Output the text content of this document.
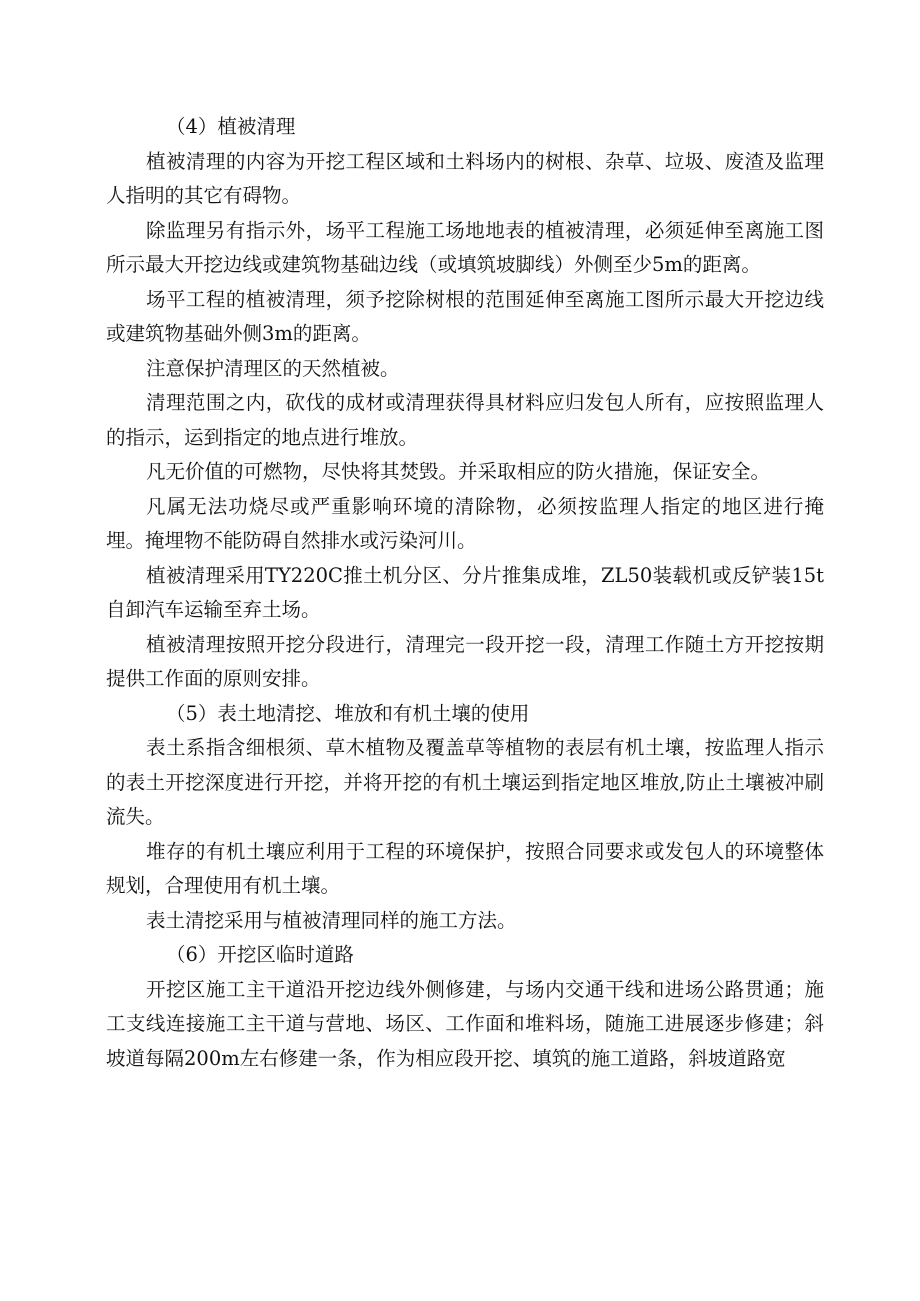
（4）植被清理

植被清理的内容为开挖工程区域和土料场内的树根、杂草、垃圾、废渣及监理人指明的其它有碍物。

除监理另有指示外，场平工程施工场地地表的植被清理，必须延伸至离施工图所示最大开挖边线或建筑物基础边线（或填筑坡脚线）外侧至少5m的距离。

场平工程的植被清理，须予挖除树根的范围延伸至离施工图所示最大开挖边线或建筑物基础外侧3m的距离。

注意保护清理区的天然植被。

清理范围之内，砍伐的成材或清理获得具材料应归发包人所有，应按照监理人的指示，运到指定的地点进行堆放。

凡无价值的可燃物，尽快将其焚毁。并采取相应的防火措施，保证安全。

凡属无法功烧尽或严重影响环境的清除物，必须按监理人指定的地区进行掩埋。掩埋物不能防碍自然排水或污染河川。

植被清理采用TY220C推土机分区、分片推集成堆，ZL50装载机或反铲装15t自卸汽车运输至弃土场。

植被清理按照开挖分段进行，清理完一段开挖一段，清理工作随土方开挖按期提供工作面的原则安排。

（5）表土地清挖、堆放和有机土壤的使用

表土系指含细根须、草木植物及覆盖草等植物的表层有机土壤，按监理人指示的表土开挖深度进行开挖，并将开挖的有机土壤运到指定地区堆放,防止土壤被冲刷流失。

堆存的有机土壤应利用于工程的环境保护，按照合同要求或发包人的环境整体规划，合理使用有机土壤。

表土清挖采用与植被清理同样的施工方法。

（6）开挖区临时道路

开挖区施工主干道沿开挖边线外侧修建，与场内交通干线和进场公路贯通；施工支线连接施工主干道与营地、场区、工作面和堆料场，随施工进展逐步修建；斜坡道每隔200m左右修建一条，作为相应段开挖、填筑的施工道路，斜坡道路宽
